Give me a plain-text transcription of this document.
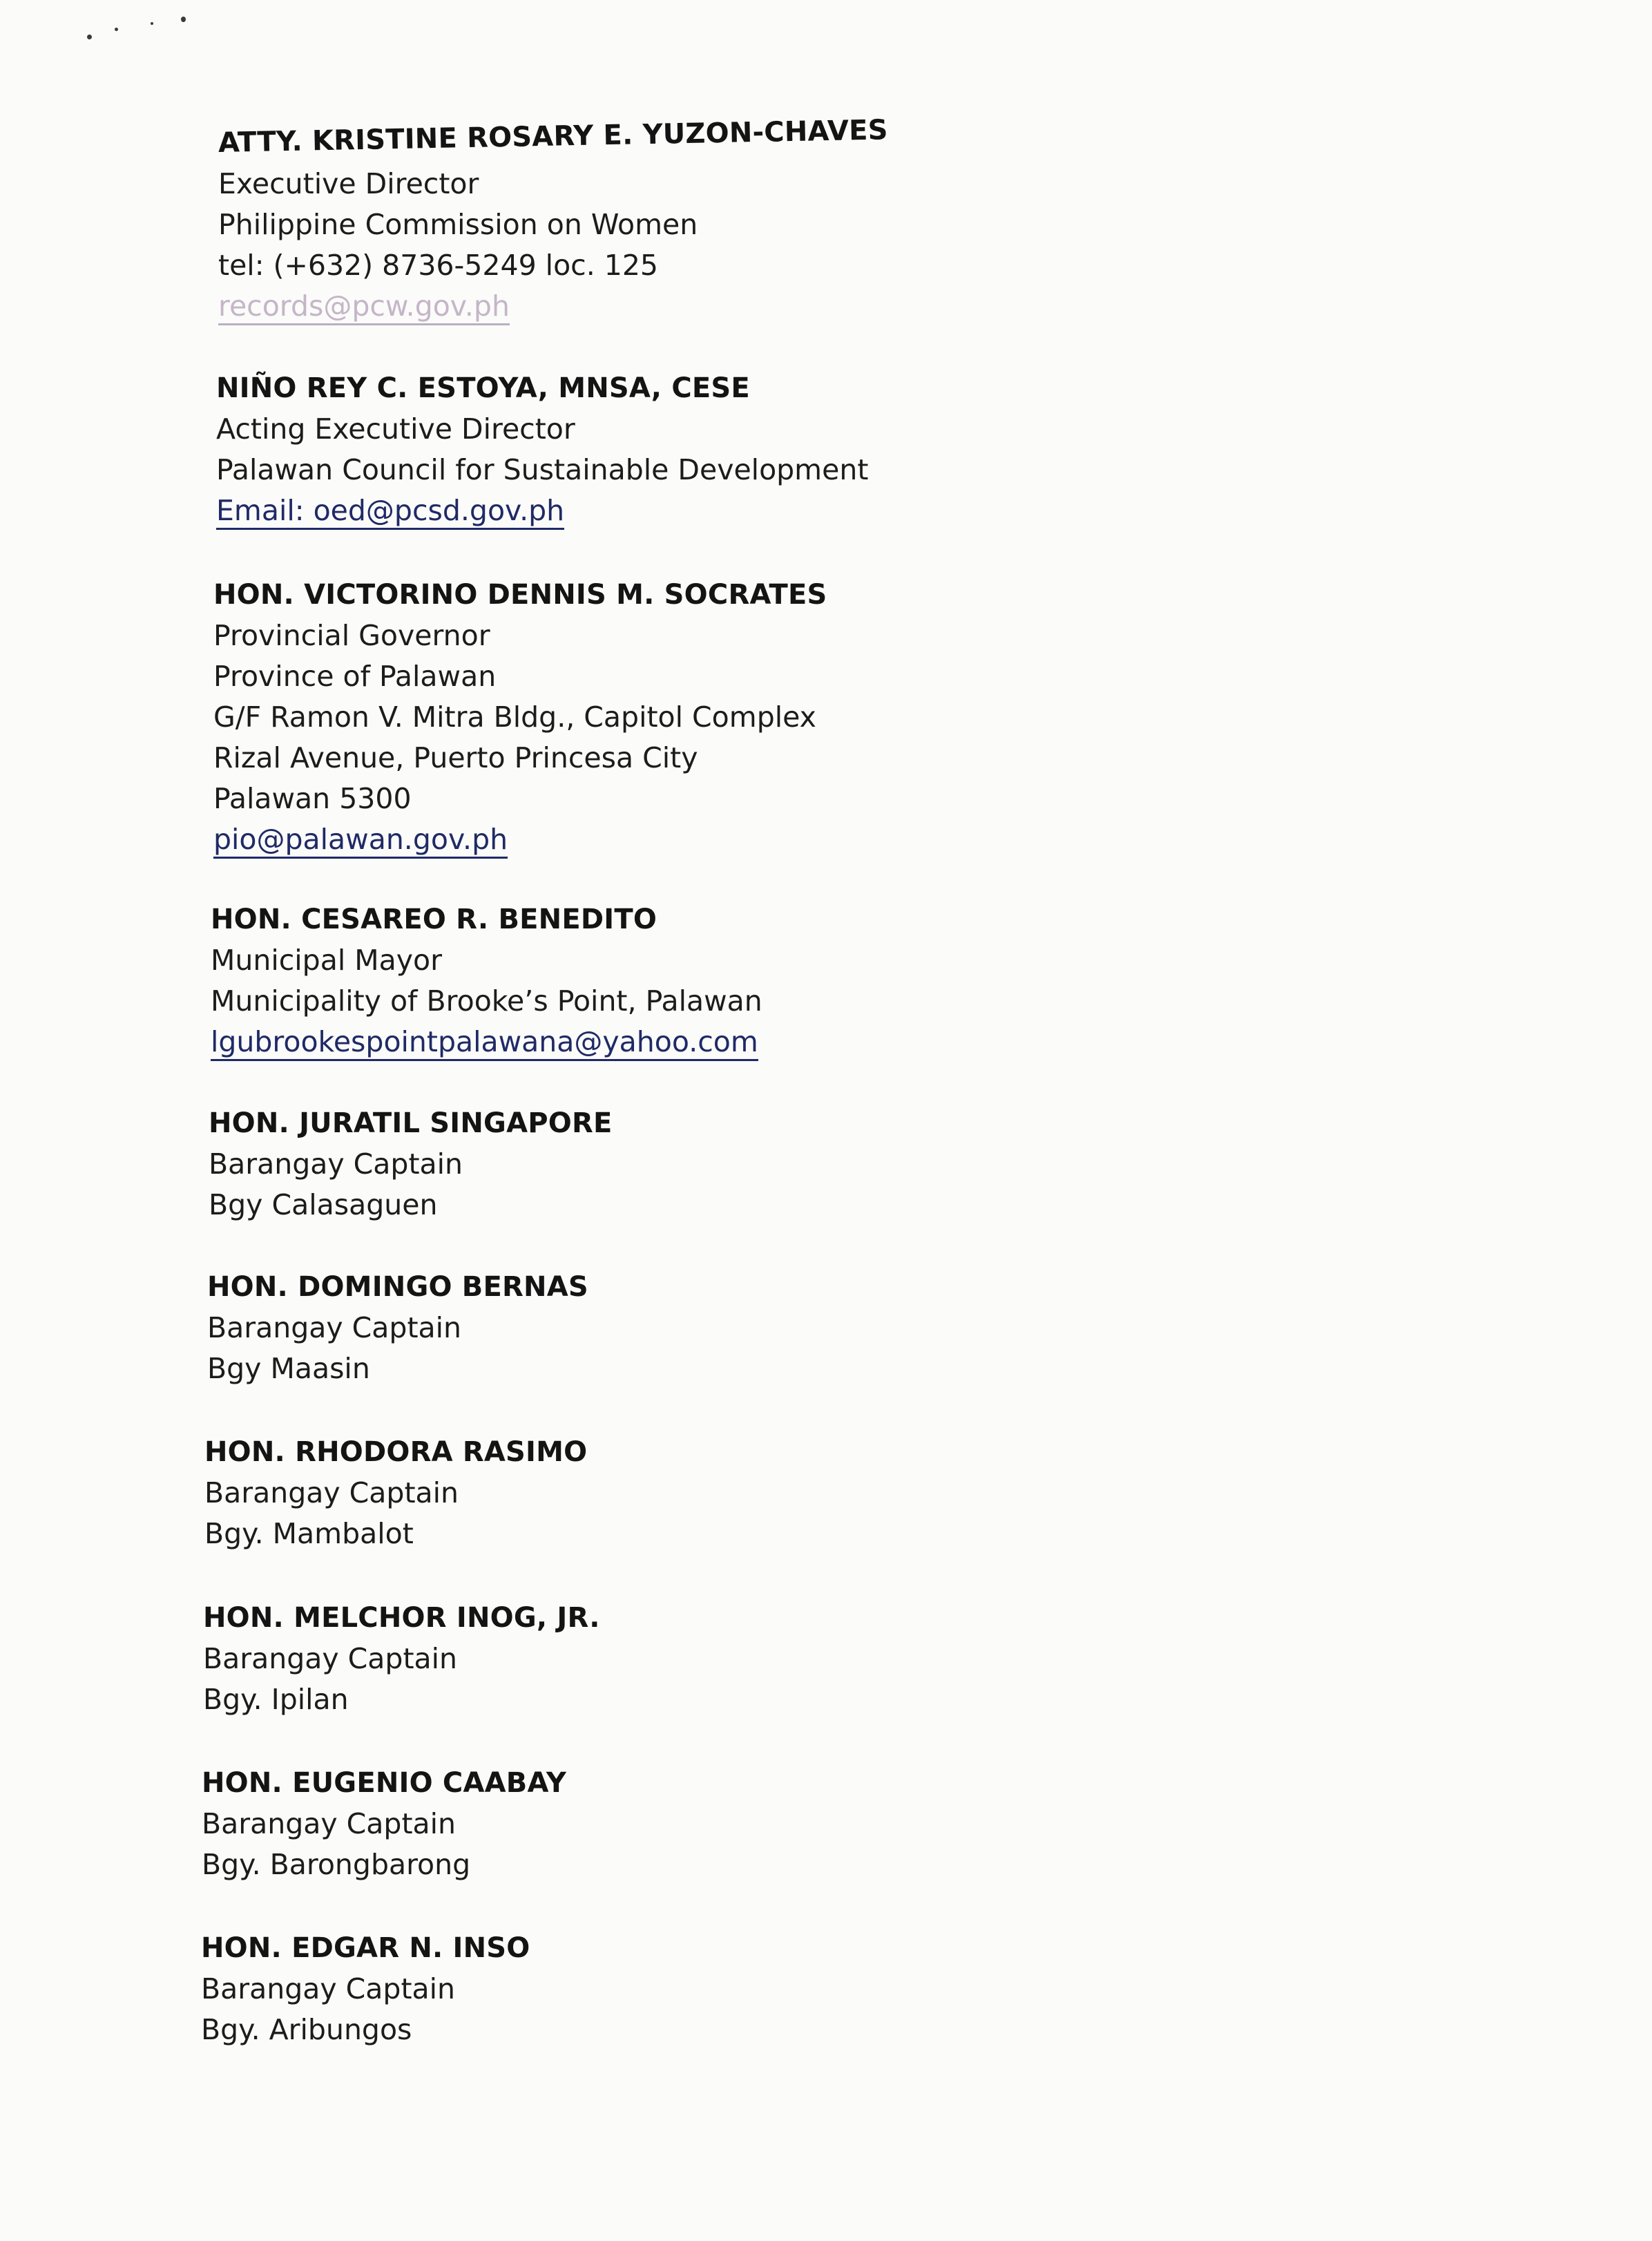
ATTY. KRISTINE ROSARY E. YUZON-CHAVES
Executive Director
Philippine Commission on Women
tel: (+632) 8736-5249 loc. 125
records@pcw.gov.ph
NIÑO REY C. ESTOYA, MNSA, CESE
Acting Executive Director
Palawan Council for Sustainable Development
Email: oed@pcsd.gov.ph
HON. VICTORINO DENNIS M. SOCRATES
Provincial Governor
Province of Palawan
G/F Ramon V. Mitra Bldg., Capitol Complex
Rizal Avenue, Puerto Princesa City
Palawan 5300
pio@palawan.gov.ph
HON. CESAREO R. BENEDITO
Municipal Mayor
Municipality of Brooke’s Point, Palawan
lgubrookespointpalawana@yahoo.com
HON. JURATIL SINGAPORE
Barangay Captain
Bgy Calasaguen
HON. DOMINGO BERNAS
Barangay Captain
Bgy Maasin
HON. RHODORA RASIMO
Barangay Captain
Bgy. Mambalot
HON. MELCHOR INOG, JR.
Barangay Captain
Bgy. Ipilan
HON. EUGENIO CAABAY
Barangay Captain
Bgy. Barongbarong
HON. EDGAR N. INSO
Barangay Captain
Bgy. Aribungos
